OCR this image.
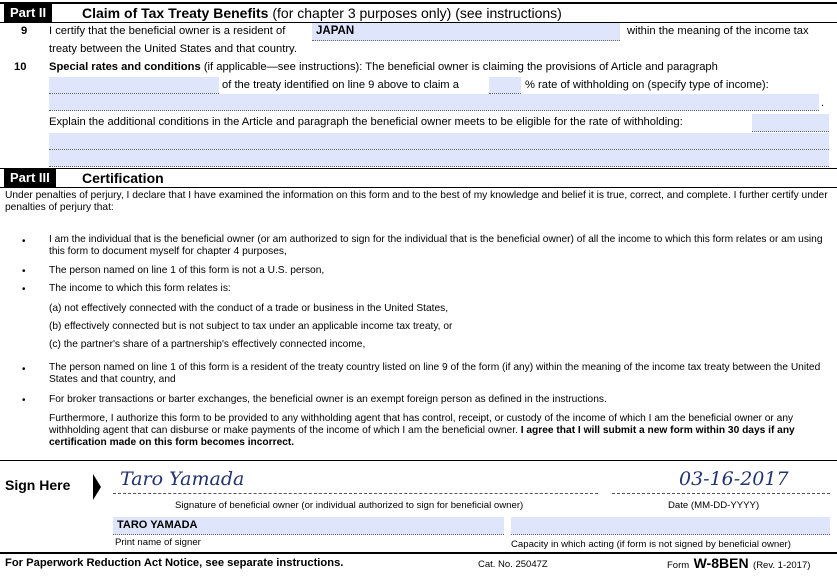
Part II	Claim of Tax Treaty Benefits (for chapter 3 purposes only) (see instructions)
9 I certify that the beneficial owner is a resident of	JAPAN	within the meaning of the income tax
treaty between the United States and that country.
10 Special rates and conditions (if applicable—see instructions): The beneficial owner is claiming the provisions of Article and paragraph
of the treaty identified on line 9 above to claim a	% rate of withholding on (specify type of income):
.
Explain the additional conditions in the Article and paragraph the beneficial owner meets to be eligible for the rate of withholding:
Part III	Certification
Under penalties of perjury, I declare that I have examined the information on this form and to the best of my knowledge and belief it is true, correct, and complete. I further certify under penalties of perjury that:
• I am the individual that is the beneficial owner (or am authorized to sign for the individual that is the beneficial owner) of all the income to which this form relates or am using this form to document myself for chapter 4 purposes,
• The person named on line 1 of this form is not a U.S. person,
• The income to which this form relates is:
(a) not effectively connected with the conduct of a trade or business in the United States,
(b) effectively connected but is not subject to tax under an applicable income tax treaty, or
(c) the partner's share of a partnership's effectively connected income,
• The person named on line 1 of this form is a resident of the treaty country listed on line 9 of the form (if any) within the meaning of the income tax treaty between the United States and that country, and
• For broker transactions or barter exchanges, the beneficial owner is an exempt foreign person as defined in the instructions.
Furthermore, I authorize this form to be provided to any withholding agent that has control, receipt, or custody of the income of which I am the beneficial owner or any withholding agent that can disburse or make payments of the income of which I am the beneficial owner. I agree that I will submit a new form within 30 days if any certification made on this form becomes incorrect.
Sign Here	Taro Yamada
Signature of beneficial owner (or individual authorized to sign for beneficial owner)
03-16-2017
Date (MM-DD-YYYY)
TARO YAMADA
Print name of signer	Capacity in which acting (if form is not signed by beneficial owner)
For Paperwork Reduction Act Notice, see separate instructions.	Cat. No. 25047Z	Form W-8BEN (Rev. 1-2017)
